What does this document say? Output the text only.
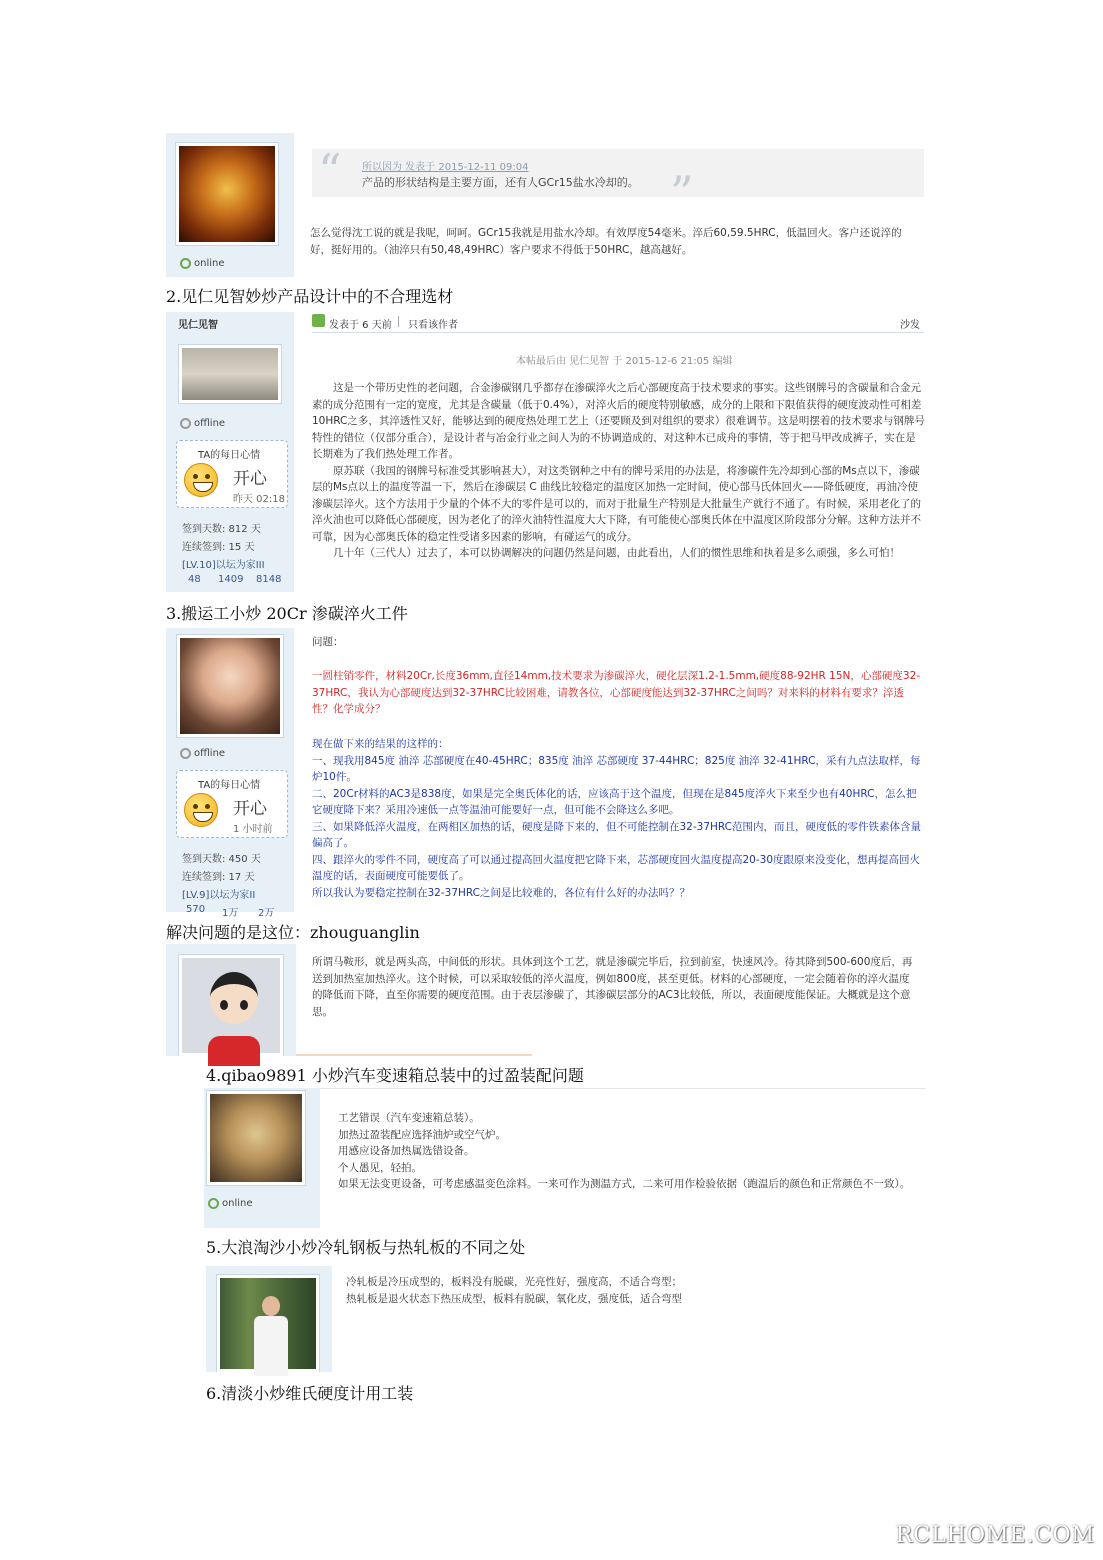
online
“ 所以因为 发表于 2015-12-11 09:04
产品的形状结构是主要方面，还有人GCr15盐水冷却的。 ”
怎么觉得沈工说的就是我呢，呵呵。GCr15我就是用盐水冷却。有效厚度54毫米。淬后60,59.5HRC，低温回火。客户还说淬的好，挺好用的。（油淬只有50,48,49HRC）客户要求不得低于50HRC，越高越好。
2.见仁见智妙炒产品设计中的不合理选材
见仁见智
offline
TA的每日心情
开心
昨天 02:18
签到天数: 812 天
连续签到: 15 天
[LV.10]以坛为家III
48 1409 8148
发表于 6 天前 只看该作者	沙发
本帖最后由 见仁见智 于 2015-12-6 21:05 编辑

这是一个带历史性的老问题，合金渗碳钢几乎都存在渗碳淬火之后心部硬度高于技术要求的事实。这些钢牌号的含碳量和合金元素的成分范围有一定的宽度，尤其是含碳量（低于0.4%），对淬火后的硬度特别敏感，成分的上限和下限值获得的硬度波动性可相差10HRC之多，其淬透性又好，能够达到的硬度热处理工艺上（还要顾及到对组织的要求）很难调节。这是明摆着的技术要求与钢牌号特性的错位（仅部分重合），是设计者与冶金行业之间人为的不协调造成的，对这种木已成舟的事情，等于把马甲改成裤子，实在是长期难为了我们热处理工作者。

原苏联（我国的钢牌号标准受其影响甚大），对这类钢种之中有的牌号采用的办法是，将渗碳件先冷却到心部的Ms点以下，渗碳层的Ms点以上的温度等温一下，然后在渗碳层 C 曲线比较稳定的温度区加热一定时间，使心部马氏体回火——降低硬度，再油冷使渗碳层淬火。这个方法用于少量的个体不大的零件是可以的，而对于批量生产特别是大批量生产就行不通了。有时候，采用老化了的淬火油也可以降低心部硬度，因为老化了的淬火油特性温度大大下降，有可能使心部奥氏体在中温度区阶段部分分解。这种方法并不可靠，因为心部奥氏体的稳定性受诸多因素的影响，有碰运气的成分。

几十年（三代人）过去了，本可以协调解决的问题仍然是问题，由此看出，人们的惯性思维和执着是多么顽强，多么可怕！

3.搬运工小炒 20Cr 渗碳淬火工件
offline
TA的每日心情
开心
1 小时前
签到天数: 450 天
连续签到: 17 天
[LV.9]以坛为家II
570 1万 2万
问题：
一圆柱销零件，材料20Cr,长度36mm,直径14mm,技术要求为渗碳淬火，硬化层深1.2-1.5mm,硬度88-92HR 15N，心部硬度32-37HRC，我认为心部硬度达到32-37HRC比较困难，请教各位，心部硬度能达到32-37HRC之间吗？对来料的材料有要求？淬透性？化学成分？

现在做下来的结果的这样的：

一、现我用845度 油淬 芯部硬度在40-45HRC；835度 油淬 芯部硬度 37-44HRC；825度 油淬 32-41HRC，采有九点法取样，每炉10件。

二、20Cr材料的AC3是838度，如果是完全奥氏体化的话，应该高于这个温度，但现在是845度淬火下来至少也有40HRC，怎么把它硬度降下来？采用冷速低一点等温油可能要好一点，但可能不会降这么多吧。

三、如果降低淬火温度，在两相区加热的话，硬度是降下来的，但不可能控制在32-37HRC范围内，而且，硬度低的零件铁素体含量偏高了。

四、跟淬火的零件不同，硬度高了可以通过提高回火温度把它降下来，芯部硬度回火温度提高20-30度跟原来没变化，想再提高回火温度的话，表面硬度可能要低了。

所以我认为要稳定控制在32-37HRC之间是比较难的，各位有什么好的办法吗？？

解决问题的是这位：zhouguanglin
所谓马鞍形，就是两头高，中间低的形状。具体到这个工艺，就是渗碳完毕后，拉到前室，快速风冷。待其降到500-600度后，再送到加热室加热淬火。这个时候，可以采取较低的淬火温度，例如800度，甚至更低。材料的心部硬度，一定会随着你的淬火温度的降低而下降，直至你需要的硬度范围。由于表层渗碳了，其渗碳层部分的AC3比较低，所以，表面硬度能保证。大概就是这个意思。
4.qibao9891 小炒汽车变速箱总装中的过盈装配问题
online

工艺错误（汽车变速箱总装）。

加热过盈装配应选择油炉或空气炉。

用感应设备加热属选错设备。

个人愚见，轻拍。

如果无法变更设备，可考虑感温变色涂料。一来可作为测温方式，二来可用作检验依据（跑温后的颜色和正常颜色不一致）。

5.大浪淘沙小炒冷轧钢板与热轧板的不同之处

冷轧板是冷压成型的，板料没有脱碳，光亮性好，强度高，不适合弯型；

热轧板是退火状态下热压成型，板料有脱碳，氧化皮，强度低，适合弯型

6.清淡小炒维氏硬度计用工装
RCLHOME.COM
